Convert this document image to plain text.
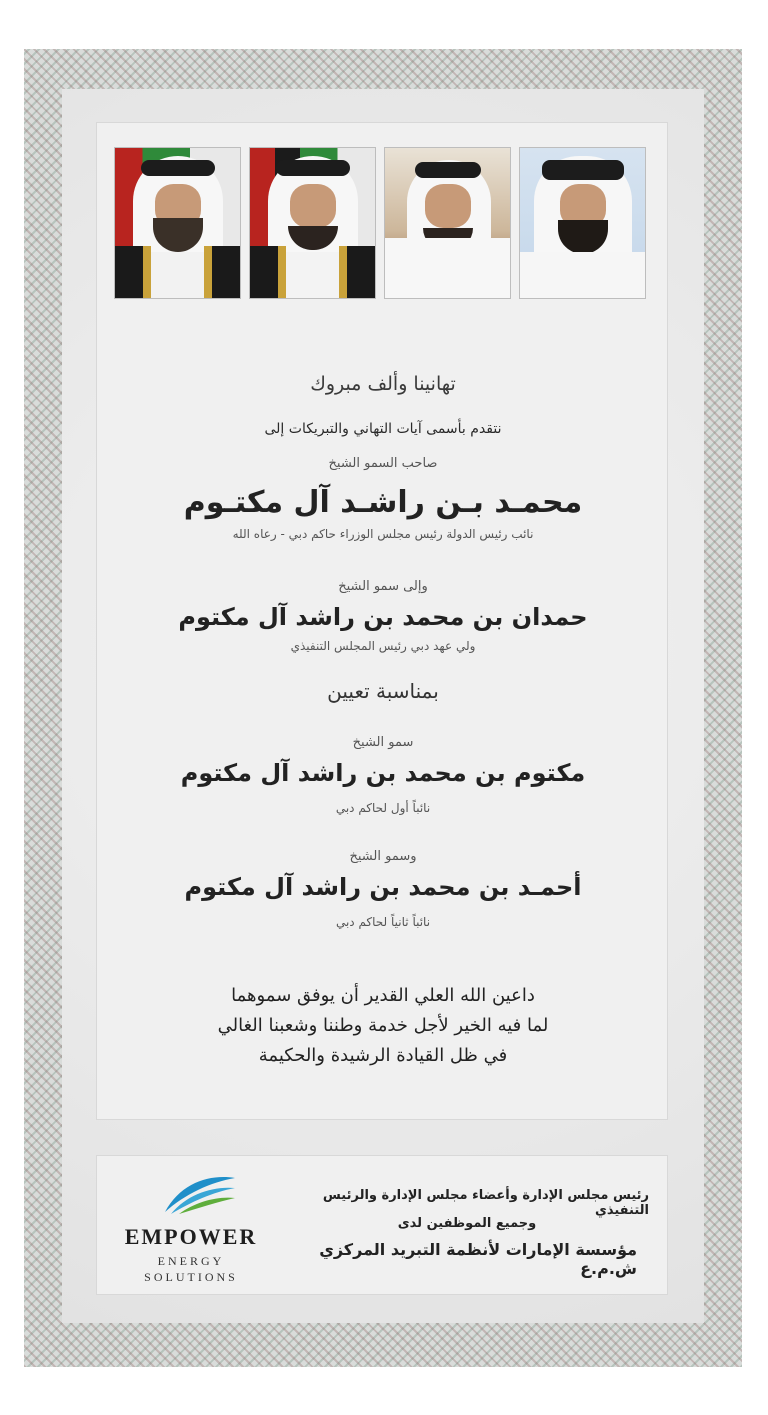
تهانينا وألف مبروك

نتقدم بأسمى آيات التهاني والتبريكات إلى

صاحب السمو الشيخ

محمـد بـن راشـد آل مكتـوم

نائب رئيس الدولة رئيس مجلس الوزراء حاكم دبي - رعاه الله

وإلى سمو الشيخ

حمدان بن محمد بن راشد آل مكتوم

ولي عهد دبي رئيس المجلس التنفيذي

بمناسبة تعيين

سمو الشيخ

مكتوم بن محمد بن راشد آل مكتوم

نائباً أول لحاكم دبي

وسمو الشيخ

أحمـد بن محمد بن راشد آل مكتوم

نائباً ثانياً لحاكم دبي

داعين الله العلي القدير أن يوفق سموهما

لما فيه الخير لأجل خدمة وطننا وشعبنا الغالي

في ظل القيادة الرشيدة والحكيمة

EMPOWER
ENERGY
SOLUTIONS

رئيس مجلس الإدارة وأعضاء مجلس الإدارة والرئيس التنفيذي

وجميع الموظفين لدى

مؤسسة الإمارات لأنظمة التبريد المركزي ش.م.ع
